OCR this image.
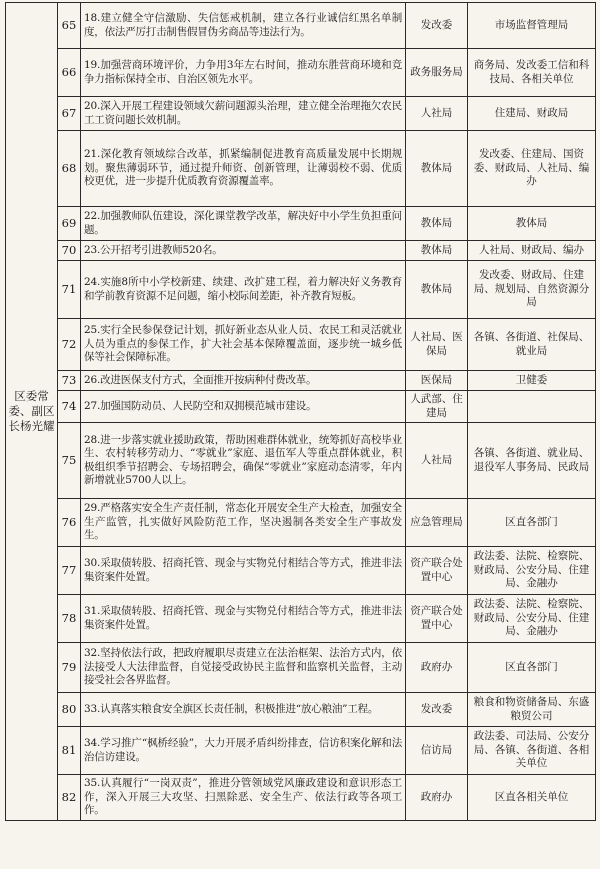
区委常委、副区长杨光耀	65	18.建立健全守信激励、失信惩戒机制，建立各行业诚信红黑名单制度，依法严厉打击制售假冒伪劣商品等违法行为。	发改委	市场监督管理局
	66	19.加强营商环境评价，力争用3年左右时间，推动东胜营商环境和竞争力指标保持全市、自治区领先水平。	政务服务局	商务局、发改委工信和科技局、各相关单位
	67	20.深入开展工程建设领域欠薪问题源头治理，建立健全治理拖欠农民工工资问题长效机制。	人社局	住建局、财政局
	68	21.深化教育领域综合改革，抓紧编制促进教育高质量发展中长期规划。聚焦薄弱环节，通过提升师资、创新管理，让薄弱校不弱、优质校更优，进一步提升优质教育资源覆盖率。	教体局	发改委、住建局、国资委、财政局、人社局、编办
	69	22.加强教师队伍建设，深化课堂教学改革，解决好中小学生负担重问题。	教体局	教体局
	70	23.公开招考引进教师520名。	教体局	人社局、财政局、编办
	71	24.实施8所中小学校新建、续建、改扩建工程，着力解决好义务教育和学前教育资源不足问题，缩小校际间差距，补齐教育短板。	教体局	发改委、财政局、住建局、规划局、自然资源分局
	72	25.实行全民参保登记计划，抓好新业态从业人员、农民工和灵活就业人员为重点的参保工作，扩大社会基本保障覆盖面，逐步统一城乡低保等社会保障标准。	人社局、医保局	各镇、各街道、社保局、就业局
	73	26.改进医保支付方式，全面推开按病种付费改革。	医保局	卫健委
	74	27.加强国防动员、人民防空和双拥模范城市建设。	人武部、住建局	
	75	28.进一步落实就业援助政策，帮助困难群体就业，统筹抓好高校毕业生、农村转移劳动力、“零就业”家庭、退伍军人等重点群体就业，积极组织季节招聘会、专场招聘会，确保“零就业”家庭动态清零，年内新增就业5700人以上。	人社局	各镇、各街道、就业局、退役军人事务局、民政局
	76	29.严格落实安全生产责任制，常态化开展安全生产大检查，加强安全生产监管，扎实做好风险防范工作，坚决遏制各类安全生产事故发生。	应急管理局	区直各部门
	77	30.采取债转股、招商托管、现金与实物兑付相结合等方式，推进非法集资案件处置。	资产联合处置中心	政法委、法院、检察院、财政局、公安分局、住建局、金融办
	78	31.采取债转股、招商托管、现金与实物兑付相结合等方式，推进非法集资案件处置。	资产联合处置中心	政法委、法院、检察院、财政局、公安分局、住建局、金融办
	79	32.坚持依法行政，把政府履职尽责建立在法治框架、法治方式内，依法接受人大法律监督，自觉接受政协民主监督和监察机关监督，主动接受社会各界监督。	政府办	区直各部门
	80	33.认真落实粮食安全旗区长责任制，积极推进“放心粮油”工程。	发改委	粮食和物资储备局、东盛粮贸公司
	81	34.学习推广“枫桥经验”，大力开展矛盾纠纷排查，信访积案化解和法治信访建设。	信访局	政法委、司法局、公安分局、各镇、各街道、各相关单位
	82	35.认真履行“一岗双责”，推进分管领域党风廉政建设和意识形态工作，深入开展三大攻坚、扫黑除恶、安全生产、依法行政等各项工作。	政府办	区直各相关单位
